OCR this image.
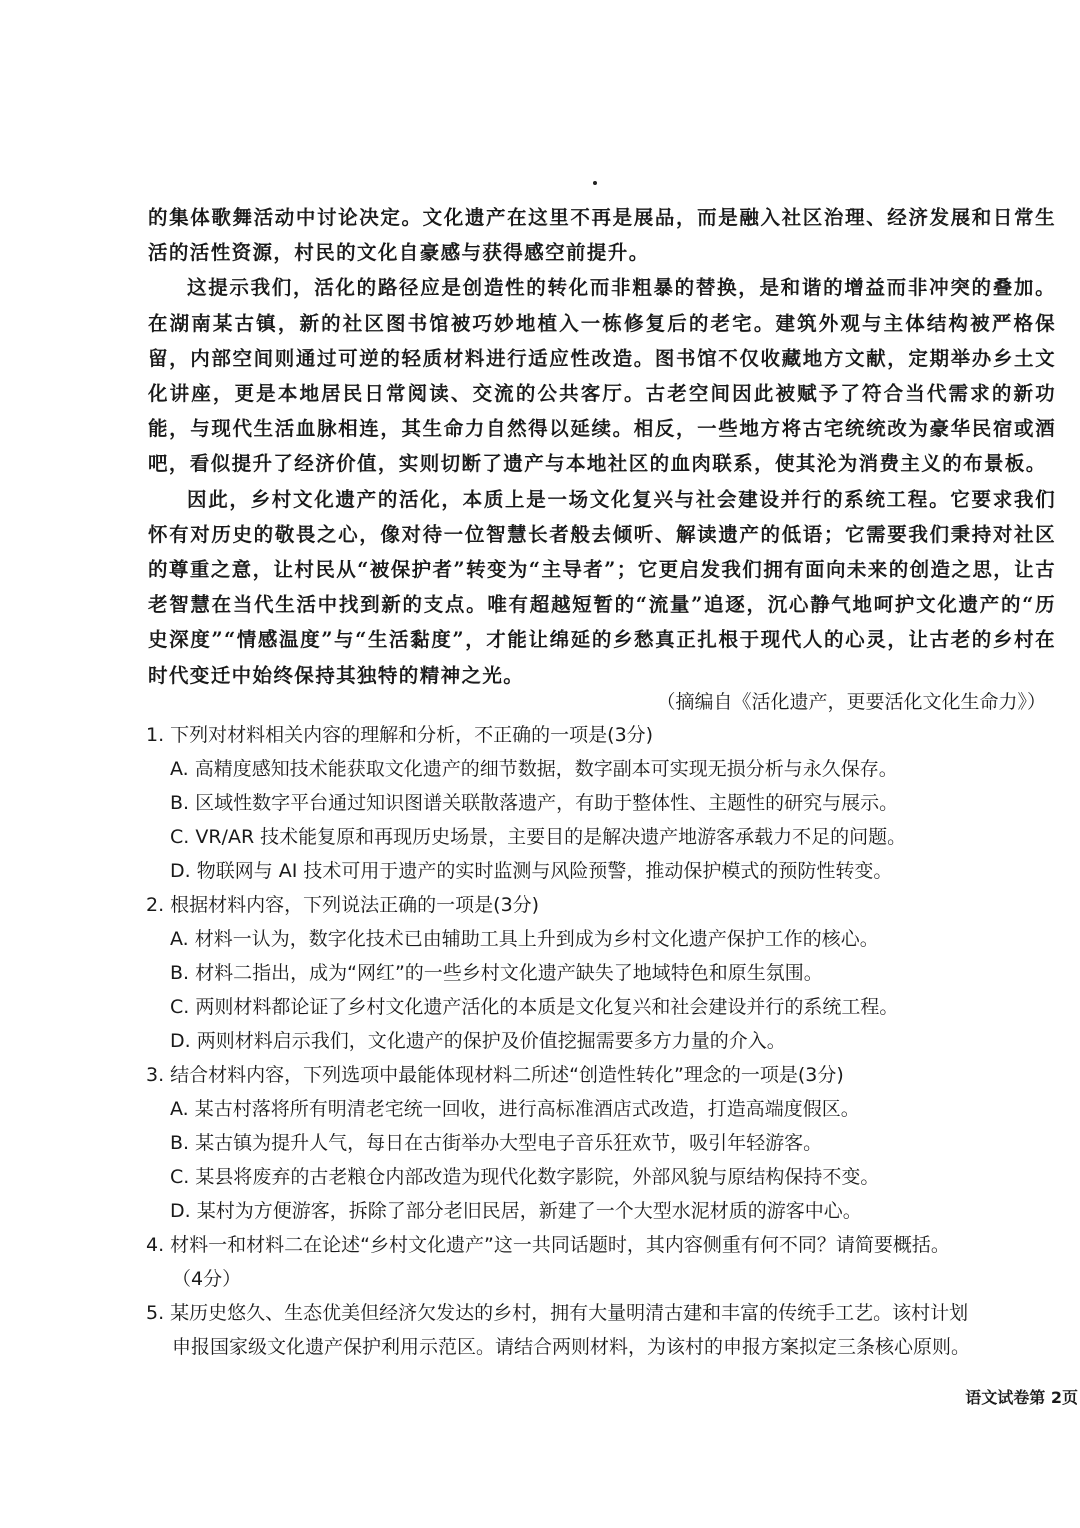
的集体歌舞活动中讨论决定。文化遗产在这里不再是展品，而是融入社区治理、经济发展和日常生活的活性资源，村民的文化自豪感与获得感空前提升。

这提示我们，活化的路径应是创造性的转化而非粗暴的替换，是和谐的增益而非冲突的叠加。在湖南某古镇，新的社区图书馆被巧妙地植入一栋修复后的老宅。建筑外观与主体结构被严格保留，内部空间则通过可逆的轻质材料进行适应性改造。图书馆不仅收藏地方文献，定期举办乡土文化讲座，更是本地居民日常阅读、交流的公共客厅。古老空间因此被赋予了符合当代需求的新功能，与现代生活血脉相连，其生命力自然得以延续。相反，一些地方将古宅统统改为豪华民宿或酒吧，看似提升了经济价值，实则切断了遗产与本地社区的血肉联系，使其沦为消费主义的布景板。

因此，乡村文化遗产的活化，本质上是一场文化复兴与社会建设并行的系统工程。它要求我们怀有对历史的敬畏之心，像对待一位智慧长者般去倾听、解读遗产的低语；它需要我们秉持对社区的尊重之意，让村民从“被保护者”转变为“主导者”；它更启发我们拥有面向未来的创造之思，让古老智慧在当代生活中找到新的支点。唯有超越短暂的“流量”追逐，沉心静气地呵护文化遗产的“历史深度”“情感温度”与“生活黏度”，才能让绵延的乡愁真正扎根于现代人的心灵，让古老的乡村在时代变迁中始终保持其独特的精神之光。

（摘编自《活化遗产，更要活化文化生命力》）

1. 下列对材料相关内容的理解和分析，不正确的一项是(3分)

A. 高精度感知技术能获取文化遗产的细节数据，数字副本可实现无损分析与永久保存。

B. 区域性数字平台通过知识图谱关联散落遗产，有助于整体性、主题性的研究与展示。

C. VR/AR 技术能复原和再现历史场景，主要目的是解决遗产地游客承载力不足的问题。

D. 物联网与 AI 技术可用于遗产的实时监测与风险预警，推动保护模式的预防性转变。

2. 根据材料内容，下列说法正确的一项是(3分)

A. 材料一认为，数字化技术已由辅助工具上升到成为乡村文化遗产保护工作的核心。

B. 材料二指出，成为“网红”的一些乡村文化遗产缺失了地域特色和原生氛围。

C. 两则材料都论证了乡村文化遗产活化的本质是文化复兴和社会建设并行的系统工程。

D. 两则材料启示我们，文化遗产的保护及价值挖掘需要多方力量的介入。

3. 结合材料内容，下列选项中最能体现材料二所述“创造性转化”理念的一项是(3分)

A. 某古村落将所有明清老宅统一回收，进行高标准酒店式改造，打造高端度假区。

B. 某古镇为提升人气，每日在古街举办大型电子音乐狂欢节，吸引年轻游客。

C. 某县将废弃的古老粮仓内部改造为现代化数字影院，外部风貌与原结构保持不变。

D. 某村为方便游客，拆除了部分老旧民居，新建了一个大型水泥材质的游客中心。

4. 材料一和材料二在论述“乡村文化遗产”这一共同话题时，其内容侧重有何不同？请简要概括。

（4分）

5. 某历史悠久、生态优美但经济欠发达的乡村，拥有大量明清古建和丰富的传统手工艺。该村计划

申报国家级文化遗产保护利用示范区。请结合两则材料，为该村的申报方案拟定三条核心原则。

语文试卷第 2页
